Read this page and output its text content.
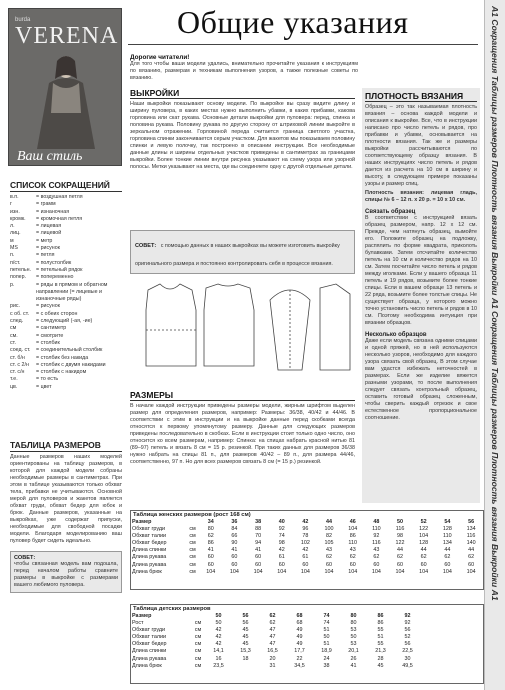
А1 Сокращения Таблицы размеров Плотность вязания Выкройки А1 Сокращения Таблицы размеров Плотность вязания Выкройки А1
burda
VERENA
Ваш стиль
Общие указания
Дорогие читатели!
Для того чтобы ваши модели удались, внимательно прочитайте указания к инструкциям по вязанию, размерам и техникам выполнения узоров, а также полезные советы по вязанию.
ВЫКРОЙКИ
Наши выкройки показывают основу модели. По выкройке вы сразу видите длину и ширину пуловера, в каких местах нужно выполнить убавки, в каких прибавки, какова горловина или скат рукава. Основные детали выкройки для пуловера: перед, спинка и половина рукава. Половину рукава по другую сторону от штриховой линии выкройте в зеркальном отражении. Горловиной переда считается граница светлого участка, горловина спинки закончивается серым участком. Для жакетов мы показываем половину спинки и левую полочку, так построено в описании инструкции. Все необходимые данные длины и ширины отдельных участков приведены в сантиметрах за границами выкройки. Более тонкие линии внутри рисунка указывают на схему узора или узорной полосы. Метки указывают на места, где вы соединяете одну с другой отдельные детали.
СОВЕТ: с помощью данных в наших выкройках вы можете изготовить выкройку оригинального размера и постоянно контролировать себя в процессе вязания.
СПИСОК СОКРАЩЕНИЙ
в.п.	= воздушная петля
г	= грамм
изн.	= изнаночная
кромк.	= кромочная петля
л.	= лицевая
лиц.	= лицевой
м	= метр
MS	= рисунок
п.	= петля
п/ст.	= полустолбик
петельн. = петельный рядок
попер.	= попеременно
р.	= ряды в прямом и обратном направлении (= лицевые и изнаночные ряды)
рис.	= рисунок
с об. ст.	= с обеих сторон
след.	= следующий (-ая, -ие)
см	= сантиметр
см.	= смотрите
ст.	= столбик
соед. ст.	= соединительный столбик
ст. б/н	= столбик без накида
ст. с 2/н	= столбик с двумя накидами
ст. с/н	= столбик с накидом
т.е.	= то есть
цв.	= цвет
ТАБЛИЦА РАЗМЕРОВ
Данные размеров наших моделей ориентированы на таблицу размеров, в которой для каждой модели собраны необходимые размеры в сантиметрах. При этом в таблице указываются только обхват тела, прибавки не учитываются. Основной мерой для пуловеров и жакетов является обхват груди, обхват бедер для юбок и брюк. Данные размеров, указанные на выкройках, уже содержат припуски, необходимые для свободной посадки модели. Благодаря моделированию ваш пуловер будет сидеть идеально.
СОВЕТ:
чтобы связанная модель вам подошла, перед началом работы сравните размеры в выкройке с размерами вашего любимого пуловера.
РАЗМЕРЫ
В начале каждой инструкции приведены размеры модели, жирным шрифтом выделен размер для определения размеров, например: Размеры: 36/38, 40/42 и 44/46. В соответствии с этим в инструкции и на выкройке данные перед скобками всегда относятся к первому упомянутому размеру. Данные для следующих размеров приведены последовательно в скобках. Если в инструкции стоит только одно число, оно относится ко всем размерам, например: Спинка: на спицах набрать красной нитью 81 (89–97) петель и вязать 8 см = 15 р. резинкой. При таких данных для размеров 36/38 нужно набрать на спицы 81 п., для размеров 40/42 – 89 п., для размера 44/46, соответственно, 97 п. Но для всех размеров связать 8 см (= 15 р.) резинкой.
ПЛОТНОСТЬ ВЯЗАНИЯ
Образец – это так называемая плотность вязания – основа каждой модели и описания к выкройке. Все, что в инструкции написано про число петель и рядов, про прибавки и убавки, основывается на плотности вязания. Так же и размеры выкройки рассчитываются по соответствующему образцу вязания. В наших инструкциях число петель и рядов дается из расчета на 10 см в ширину и высоту, в следующем примере показаны узоры и размер спиц.
Плотность вязания: лицевая гладь, спицы № 6 – 12 п. x 20 р. = 10 x 10 см.
Связать образец
В соответствии с инструкцией вязать образец размером, напр. 12 x 12 см. Прежде, чем натянуть образец, вымойте его. Положите образец на подложку, распялить по форме квадрата, приколоть булавками. Затем отсчитайте количество петель на 10 см и количество рядов на 10 см. Затем посчитайте число петель и рядов между иголками. Если у вашего образца 11 петель и 19 рядов, возьмите более тонкие спицы. Если в вашем образце 13 петель и 22 ряда, возьмите более толстые спицы. Не существует образца, у которого можно точно установить число петель и рядов в 10 см. Поэтому необходима интуиция при вязании образцов.
Несколько образцов
Даже если модель связана одними спицами и одной пряжей, но в ней используются несколько узоров, необходимо для каждого узора связать свой образец. В этом случае вам удастся избежать неточностей в размерах. Если же изделие вяжется разными узорами, то после выполнения следует связать контрольный образец, оставить готовый образец сложенным, чтобы сверить каждый отрезок и свое естественное пропорциональное соотношение.
Таблица женских размеров (рост 168 см)
Размер		34	36	38	40	42	44	46	48	50	52	54	56
Обхват груди	см	80	84	88	92	96	100	104	110	116	122	128	134
Обхват талии	см	62	66	70	74	78	82	86	92	98	104	110	116
Обхват бедер	см	86	90	94	98	102	105	110	116	122	128	134	140
Длина спинки	см	41	41	41	42	42	43	43	43	44	44	44	44
Длина рукава	см	60	60	60	61	61	62	62	62	62	62	62	62
Длина рукава	см	60	60	60	60	60	60	60	60	60	60	60	60
Длина брюк	см	104	104	104	104	104	104	104	104	104	104	104	104
Таблица детских размеров
Размер		50	56	62	68	74	80	86	92
Рост	см	50	56	62	68	74	80	86	92
Обхват груди	см	42	45	47	49	51	53	55	56
Обхват талии	см	42	45	47	49	50	50	51	52
Обхват бедер	см	42	45	47	49	51	53	55	56
Длина спинки	см	14,1	15,3	16,5	17,7	18,9	20,1	21,3	22,5
Длина рукава	см	16	18	20	22	24	26	28	30
Длина брюк	см	23,5		31	34,5	38	41	45	49,5
